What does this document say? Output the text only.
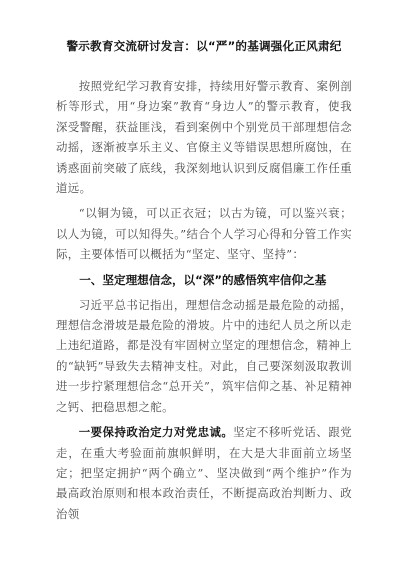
警示教育交流研讨发言：以“严”的基调强化正风肃纪

按照党纪学习教育安排，持续用好警示教育、案例剖析等形式，用“身边案”教育“身边人”的警示教育，使我深受警醒，获益匪浅，看到案例中个别党员干部理想信念动摇，逐渐被享乐主义、官僚主义等错误思想所腐蚀，在诱惑面前突破了底线，我深刻地认识到反腐倡廉工作任重道远。

“以铜为镜，可以正衣冠；以古为镜，可以鉴兴衰；以人为镜，可以知得失。”结合个人学习心得和分管工作实际，主要体悟可以概括为“坚定、坚守、坚持”：

一、坚定理想信念，以“深”的感悟筑牢信仰之基

习近平总书记指出，理想信念动摇是最危险的动摇，理想信念滑坡是最危险的滑坡。片中的违纪人员之所以走上违纪道路，都是没有牢固树立坚定的理想信念，精神上的“缺钙”导致失去精神支柱。对此，自己要深刻汲取教训进一步拧紧理想信念“总开关”，筑牢信仰之基、补足精神之钙、把稳思想之舵。

一要保持政治定力对党忠诚。坚定不移听党话、跟党走，在重大考验面前旗帜鲜明，在大是大非面前立场坚定；把坚定拥护“两个确立”、坚决做到“两个维护”作为最高政治原则和根本政治责任，不断提高政治判断力、政治领
